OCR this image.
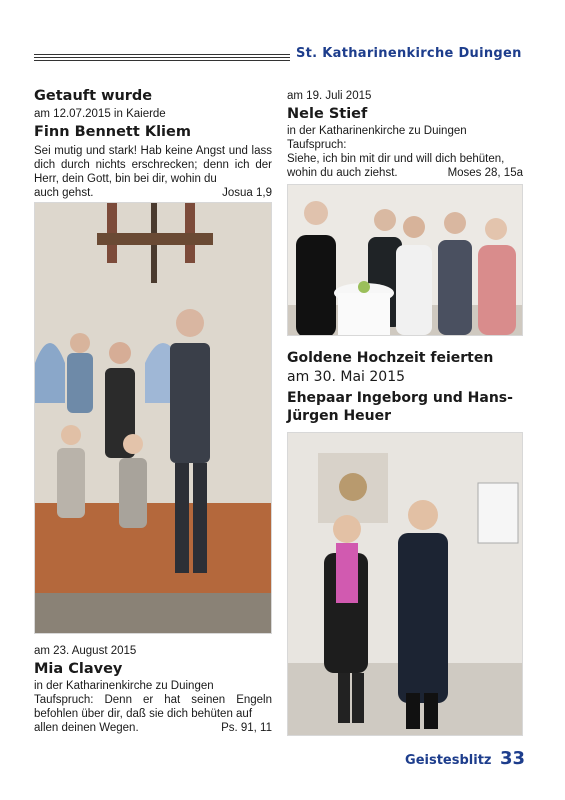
St. Katharinenkirche Duingen
Getauft wurde
am 12.07.2015 in Kaierde
Finn Bennett Kliem
Sei mutig und stark! Hab keine Angst und lass dich durch nichts erschrecken; denn ich der Herr, dein Gott, bin bei dir, wohin du
auch gehst.	Josua 1,9
am 19. Juli 2015
Nele Stief
in der Katharinenkirche zu Duingen
Taufspruch:
Siehe, ich bin mit dir und will dich behüten,
wohin du auch ziehst.	Moses 28, 15a
Goldene Hochzeit feierten
am 30. Mai 2015
Ehepaar Ingeborg und Hans-Jürgen Heuer
am 23. August 2015
Mia Clavey
in der Katharinenkirche zu Duingen
Taufspruch: Denn er hat seinen Engeln befohlen über dir, daß sie dich behüten auf
allen deinen Wegen.	Ps. 91, 11
Geistesblitz 33
